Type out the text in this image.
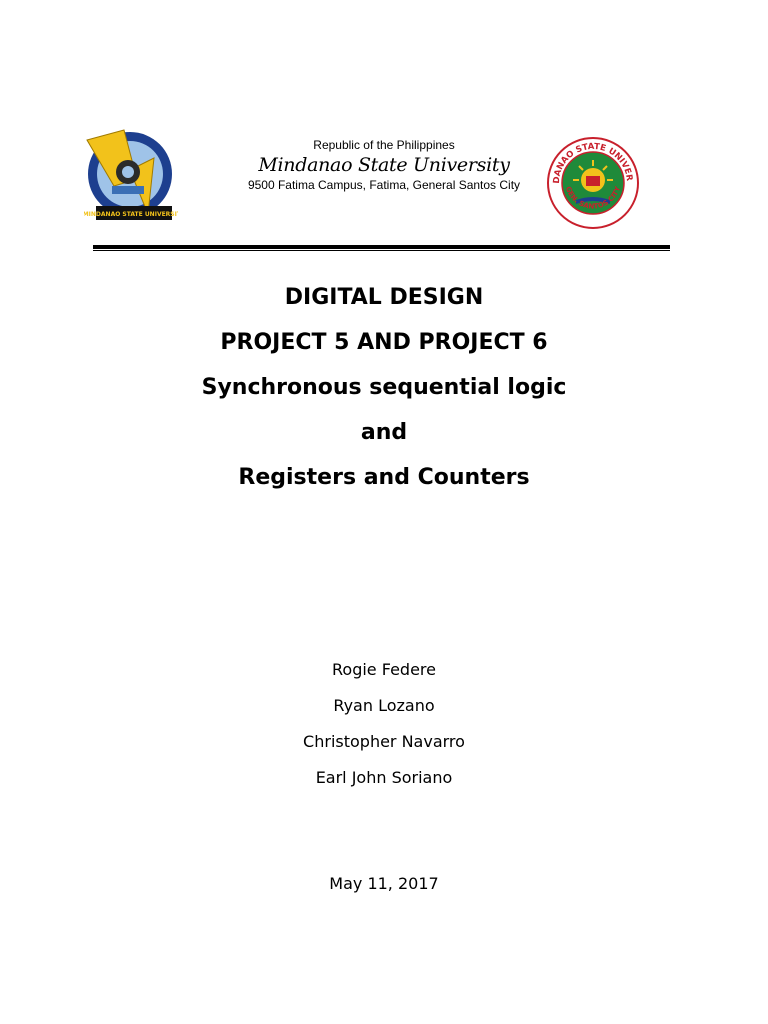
MINDANAO STATE UNIVERSITY
Republic of the Philippines
Mindanao State University
9500 Fatima Campus, Fatima, General Santos City	DANAO STATE UNIVER
GEN. SANTOS CITY
DIGITAL DESIGN
PROJECT 5 AND PROJECT 6
Synchronous sequential logic
and
Registers and Counters
Rogie Federe
Ryan Lozano
Christopher Navarro
Earl John Soriano
May 11, 2017
